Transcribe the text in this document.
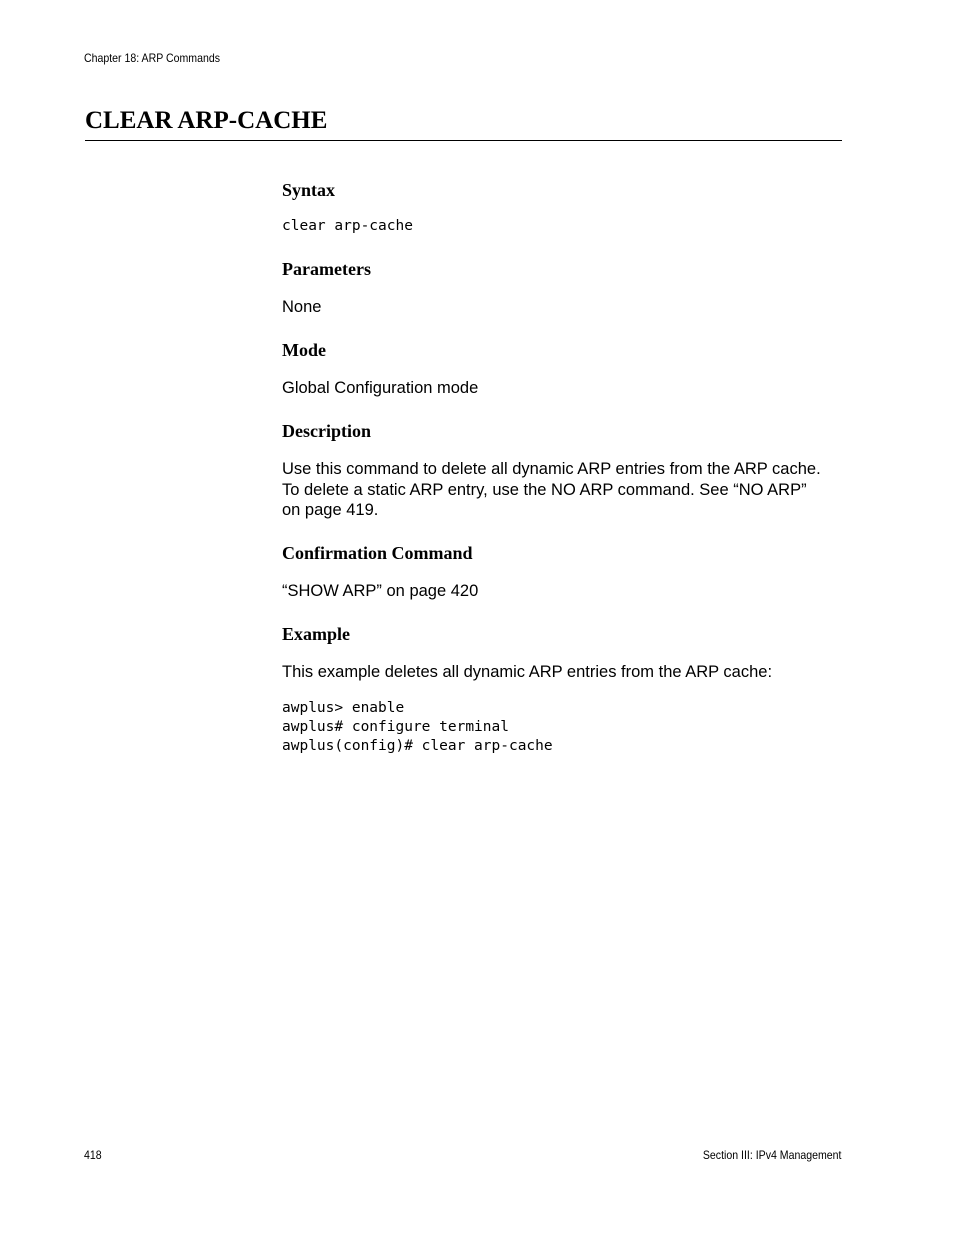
Chapter 18: ARP Commands
CLEAR ARP-CACHE
Syntax
clear arp-cache
Parameters

None

Mode

Global Configuration mode

Description

Use this command to delete all dynamic ARP entries from the ARP cache.

To delete a static ARP entry, use the NO ARP command. See “NO ARP”

on page 419.

Confirmation Command

“SHOW ARP” on page 420

Example

This example deletes all dynamic ARP entries from the ARP cache:

awplus> enable
awplus# configure terminal
awplus(config)# clear arp-cache
418	Section III: IPv4 Management
